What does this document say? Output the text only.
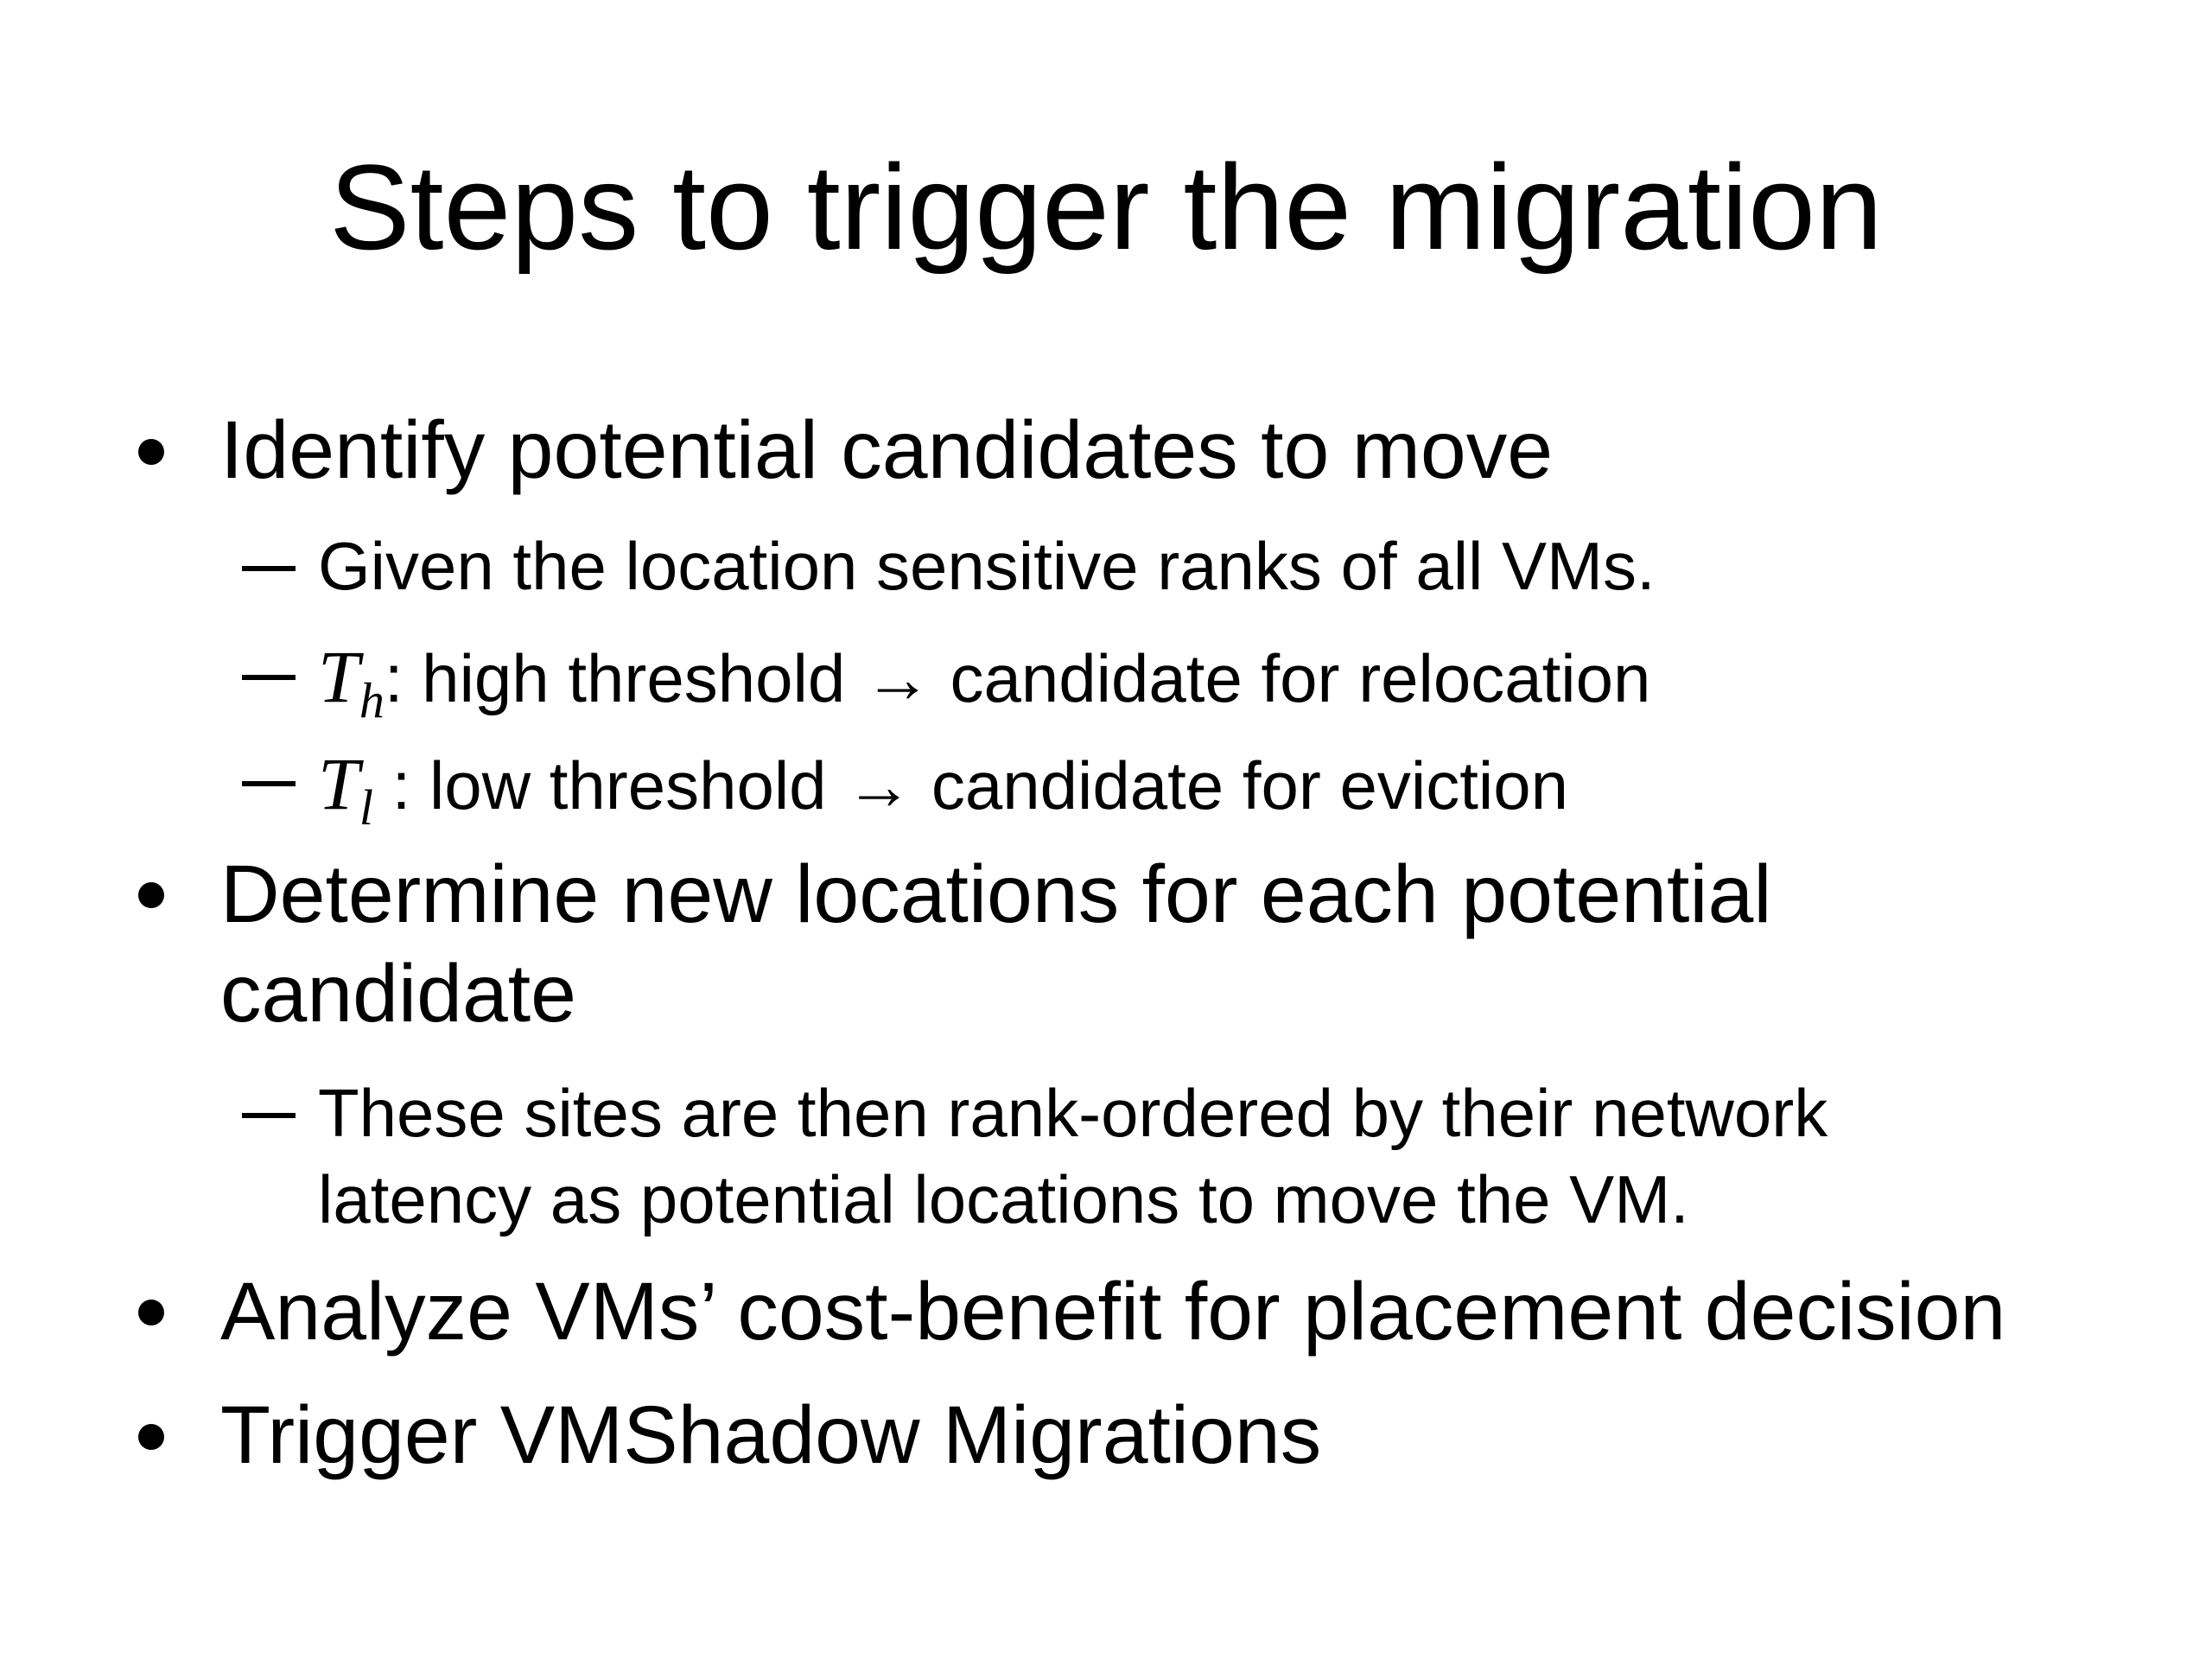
Steps to trigger the migration
Identify potential candidates to move
Given the location sensitive ranks of all VMs.
$T_h$: high threshold → candidate for relocation
$T_l$ : low threshold → candidate for eviction
Determine new locations for each potential
candidate
These sites are then rank-ordered by their network
latency as potential locations to move the VM.
Analyze VMs’ cost-benefit for placement decision
Trigger VMShadow Migrations
